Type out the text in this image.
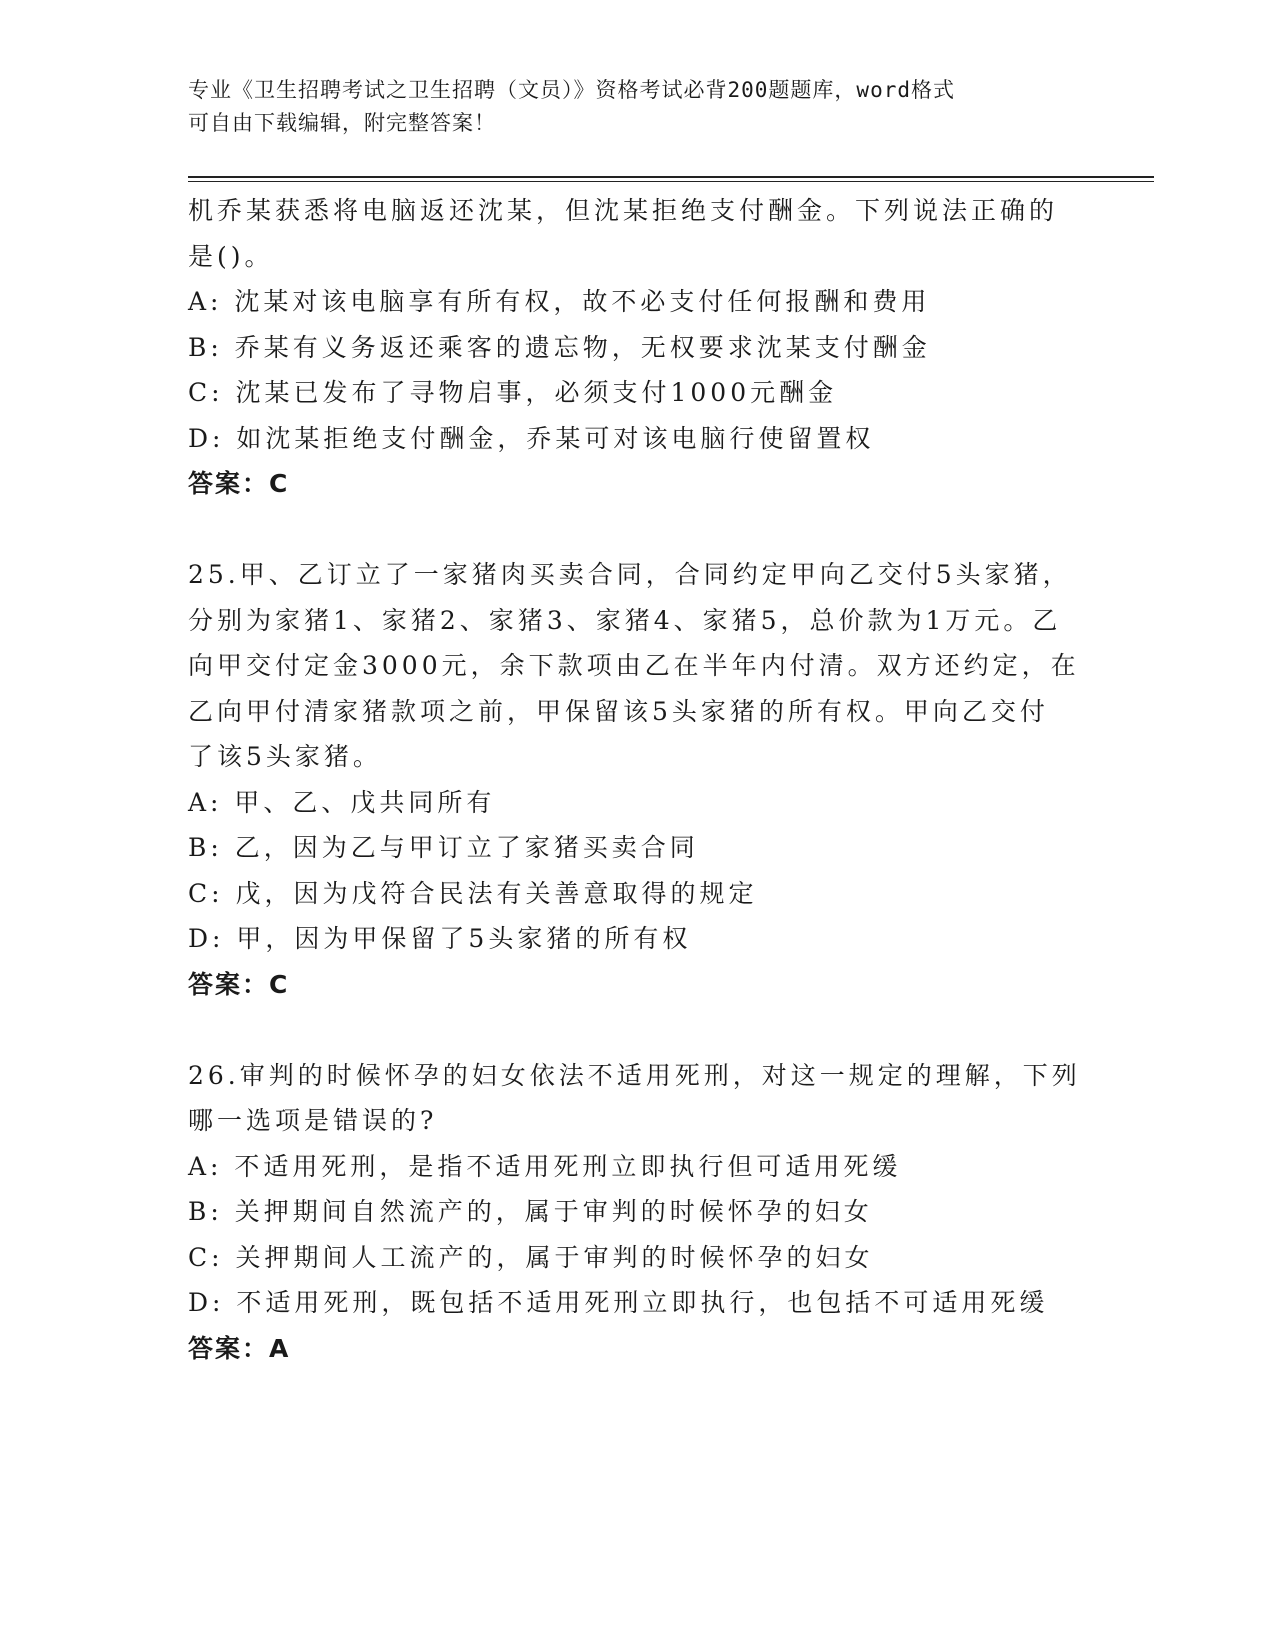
专业《卫生招聘考试之卫生招聘（文员）》资格考试必背200题题库，word格式
可自由下载编辑，附完整答案！
机乔某获悉将电脑返还沈某，但沈某拒绝支付酬金。下列说法正确的
是()。
A: 沈某对该电脑享有所有权，故不必支付任何报酬和费用
B: 乔某有义务返还乘客的遗忘物，无权要求沈某支付酬金
C: 沈某已发布了寻物启事，必须支付1000元酬金
D: 如沈某拒绝支付酬金，乔某可对该电脑行使留置权
答案：C
25.甲、乙订立了一家猪肉买卖合同，合同约定甲向乙交付5头家猪，
分别为家猪1、家猪2、家猪3、家猪4、家猪5，总价款为1万元。乙
向甲交付定金3000元，余下款项由乙在半年内付清。双方还约定，在
乙向甲付清家猪款项之前，甲保留该5头家猪的所有权。甲向乙交付
了该5头家猪。
A: 甲、乙、戊共同所有
B: 乙，因为乙与甲订立了家猪买卖合同
C: 戊，因为戊符合民法有关善意取得的规定
D: 甲，因为甲保留了5头家猪的所有权
答案：C
26.审判的时候怀孕的妇女依法不适用死刑，对这一规定的理解，下列
哪一选项是错误的?
A: 不适用死刑，是指不适用死刑立即执行但可适用死缓
B: 关押期间自然流产的，属于审判的时候怀孕的妇女
C: 关押期间人工流产的，属于审判的时候怀孕的妇女
D: 不适用死刑，既包括不适用死刑立即执行，也包括不可适用死缓
答案：A
